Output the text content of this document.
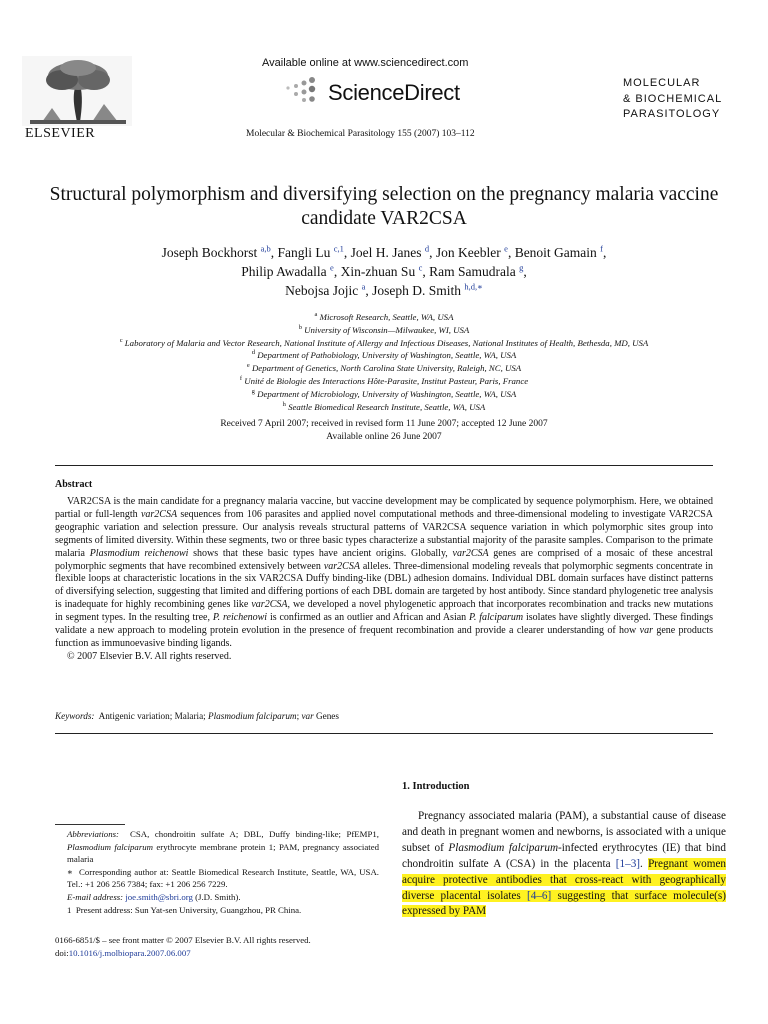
ELSEVIER
Available online at www.sciencedirect.com
ScienceDirect
Molecular & Biochemical Parasitology 155 (2007) 103–112
MOLECULAR
& BIOCHEMICAL
PARASITOLOGY
Structural polymorphism and diversifying selection on the pregnancy malaria vaccine candidate VAR2CSA
Joseph Bockhorst $^{a,b}$, Fangli Lu $^{c,1}$, Joel H. Janes $^d$, Jon Keebler $^e$, Benoit Gamain $^f$,
Philip Awadalla $^e$, Xin-zhuan Su $^c$, Ram Samudrala $^g$,
Nebojsa Jojic $^a$, Joseph D. Smith $^{h,d,∗}$
$^a$ Microsoft Research, Seattle, WA, USA
$^b$ University of Wisconsin—Milwaukee, WI, USA
$^c$ Laboratory of Malaria and Vector Research, National Institute of Allergy and Infectious Diseases, National Institutes of Health, Bethesda, MD, USA
$^d$ Department of Pathobiology, University of Washington, Seattle, WA, USA
$^e$ Department of Genetics, North Carolina State University, Raleigh, NC, USA
$^f$ Unité de Biologie des Interactions Hôte-Parasite, Institut Pasteur, Paris, France
$^g$ Department of Microbiology, University of Washington, Seattle, WA, USA
$^h$ Seattle Biomedical Research Institute, Seattle, WA, USA
Received 7 April 2007; received in revised form 11 June 2007; accepted 12 June 2007
Available online 26 June 2007
Abstract

VAR2CSA is the main candidate for a pregnancy malaria vaccine, but vaccine development may be complicated by sequence polymorphism. Here, we obtained partial or full-length var2CSA sequences from 106 parasites and applied novel computational methods and three-dimensional modeling to investigate VAR2CSA geographic variation and selection pressure. Our analysis reveals structural patterns of VAR2CSA sequence variation in which polymorphic sites group into segments of limited diversity. Within these segments, two or three basic types characterize a substantial majority of the parasite samples. Comparison to the primate malaria Plasmodium reichenowi shows that these basic types have ancient origins. Globally, var2CSA genes are comprised of a mosaic of these ancestral polymorphic segments that have recombined extensively between var2CSA alleles. Three-dimensional modeling reveals that polymorphic segments concentrate in flexible loops at characteristic locations in the six VAR2CSA Duffy binding-like (DBL) adhesion domains. Individual DBL domain surfaces have distinct patterns of diversifying selection, suggesting that limited and differing portions of each DBL domain are targeted by host antibody. Since standard phylogenetic tree analysis is inadequate for highly recombining genes like var2CSA, we developed a novel phylogenetic approach that incorporates recombination and tracks new mutations in segment types. In the resulting tree, P. reichenowi is confirmed as an outlier and African and Asian P. falciparum isolates have slightly diverged. These findings validate a new approach to modeling protein evolution in the presence of frequent recombination and provide a clearer understanding of how var gene products function as immunoevasive binding ligands.

© 2007 Elsevier B.V. All rights reserved.

Keywords: Antigenic variation; Malaria; Plasmodium falciparum; var Genes
1. Introduction

Pregnancy associated malaria (PAM), a substantial cause of disease and death in pregnant women and newborns, is associated with a unique subset of Plasmodium falciparum-infected erythrocytes (IE) that bind chondroitin sulfate A (CSA) in the placenta [1–3]. Pregnant women acquire protective antibodies that cross-react with geographically diverse placental isolates [4–6] suggesting that surface molecule(s) expressed by PAM

Abbreviations: CSA, chondroitin sulfate A; DBL, Duffy binding-like; PfEMP1, Plasmodium falciparum erythrocyte membrane protein 1; PAM, pregnancy associated malaria

∗ Corresponding author at: Seattle Biomedical Research Institute, Seattle, WA, USA. Tel.: +1 206 256 7384; fax: +1 206 256 7229.

E-mail address: joe.smith@sbri.org (J.D. Smith).

1 Present address: Sun Yat-sen University, Guangzhou, PR China.

0166-6851/$ – see front matter © 2007 Elsevier B.V. All rights reserved.
doi:10.1016/j.molbiopara.2007.06.007
